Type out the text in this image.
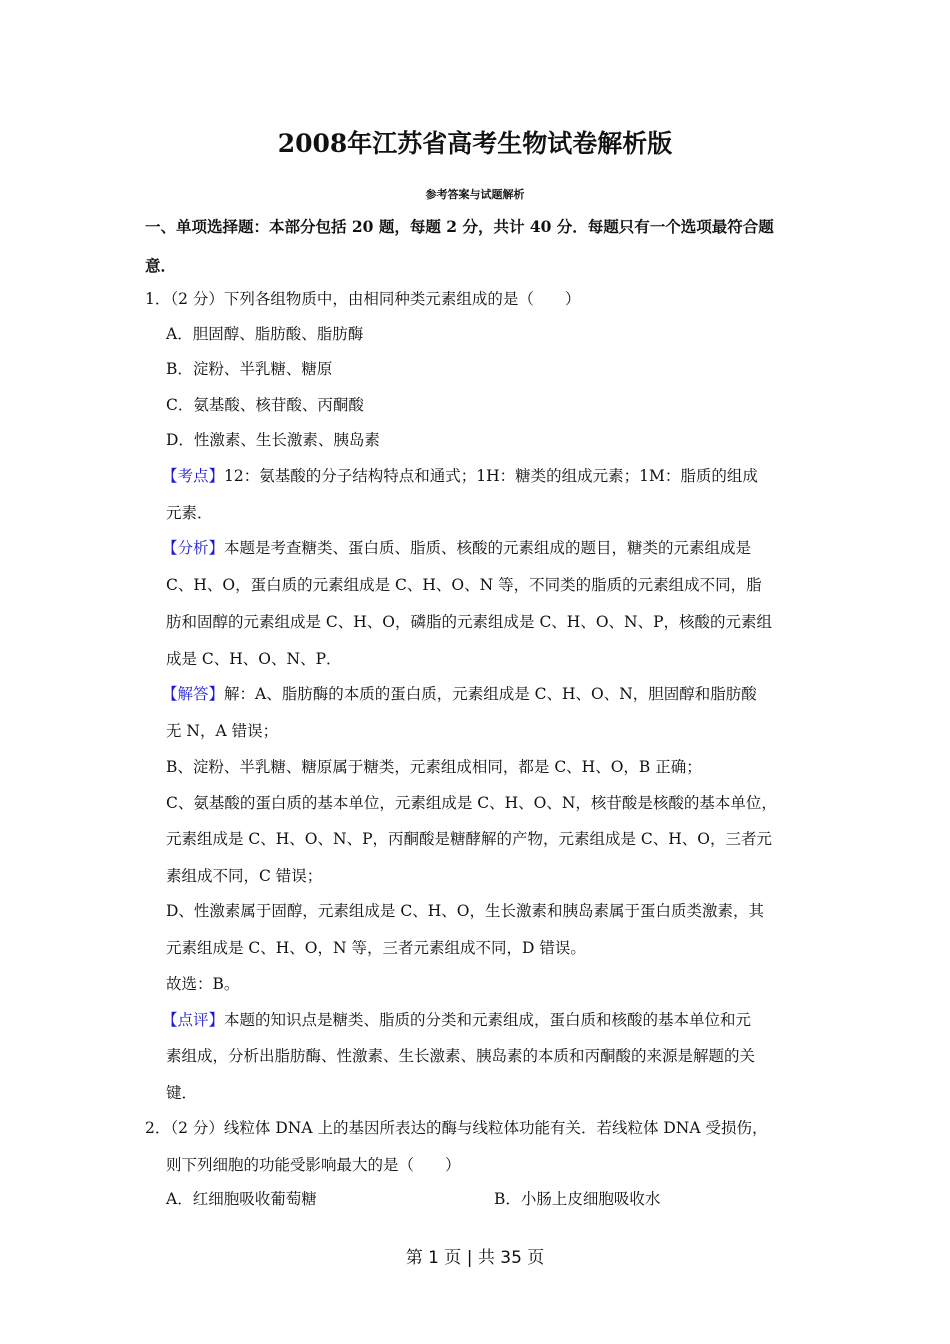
2008年江苏省高考生物试卷解析版
参考答案与试题解析
一、单项选择题：本部分包括 20 题，每题 2 分，共计 40 分．每题只有一个选项最符合题
意．
1．（2 分）下列各组物质中，由相同种类元素组成的是（　　）
A．胆固醇、脂肪酸、脂肪酶
B．淀粉、半乳糖、糖原
C．氨基酸、核苷酸、丙酮酸
D．性激素、生长激素、胰岛素
【考点】12：氨基酸的分子结构特点和通式；1H：糖类的组成元素；1M：脂质的组成
元素．
【分析】本题是考查糖类、蛋白质、脂质、核酸的元素组成的题目，糖类的元素组成是
C、H、O，蛋白质的元素组成是 C、H、O、N 等，不同类的脂质的元素组成不同，脂
肪和固醇的元素组成是 C、H、O，磷脂的元素组成是 C、H、O、N、P，核酸的元素组
成是 C、H、O、N、P．
【解答】解：A、脂肪酶的本质的蛋白质，元素组成是 C、H、O、N，胆固醇和脂肪酸
无 N，A 错误；
B、淀粉、半乳糖、糖原属于糖类，元素组成相同，都是 C、H、O，B 正确；
C、氨基酸的蛋白质的基本单位，元素组成是 C、H、O、N，核苷酸是核酸的基本单位，
元素组成是 C、H、O、N、P，丙酮酸是糖酵解的产物，元素组成是 C、H、O，三者元
素组成不同，C 错误；
D、性激素属于固醇，元素组成是 C、H、O，生长激素和胰岛素属于蛋白质类激素，其
元素组成是 C、H、O，N 等，三者元素组成不同，D 错误。
故选：B。
【点评】本题的知识点是糖类、脂质的分类和元素组成，蛋白质和核酸的基本单位和元
素组成，分析出脂肪酶、性激素、生长激素、胰岛素的本质和丙酮酸的来源是解题的关
键．
2．（2 分）线粒体 DNA 上的基因所表达的酶与线粒体功能有关．若线粒体 DNA 受损伤，
则下列细胞的功能受影响最大的是（　　）
A．红细胞吸收葡萄糖	B．小肠上皮细胞吸收水
第 1 页 | 共 35 页
